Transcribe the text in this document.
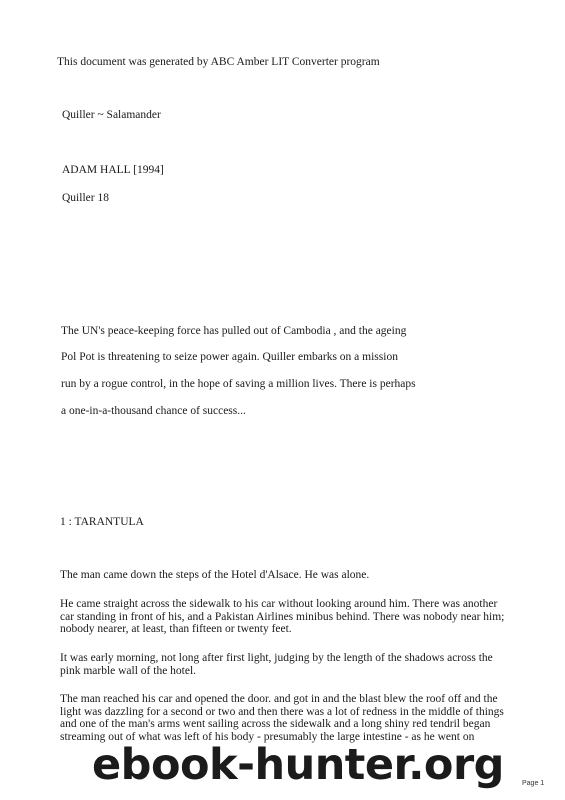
This document was generated by ABC Amber LIT Converter program
Quiller ~ Salamander
ADAM HALL [1994]
Quiller 18
The UN's peace-keeping force has pulled out of Cambodia , and the ageing
Pol Pot is threatening to seize power again. Quiller embarks on a mission
run by a rogue control, in the hope of saving a million lives. There is perhaps
a one-in-a-thousand chance of success...
1 : TARANTULA
The man came down the steps of the Hotel d'Alsace. He was alone.
He came straight across the sidewalk to his car without looking around him. There was another car standing in front of his, and a Pakistan Airlines minibus behind. There was nobody near him; nobody nearer, at least, than fifteen or twenty feet.
It was early morning, not long after first light, judging by the length of the shadows across the pink marble wall of the hotel.
The man reached his car and opened the door. and got in and the blast blew the roof off and the light was dazzling for a second or two and then there was a lot of redness in the middle of things and one of the man's arms went sailing across the sidewalk and a long shiny red tendril began streaming out of what was left of his body - presumably the large intestine - as he went on
ebook-hunter.org	Page 1
